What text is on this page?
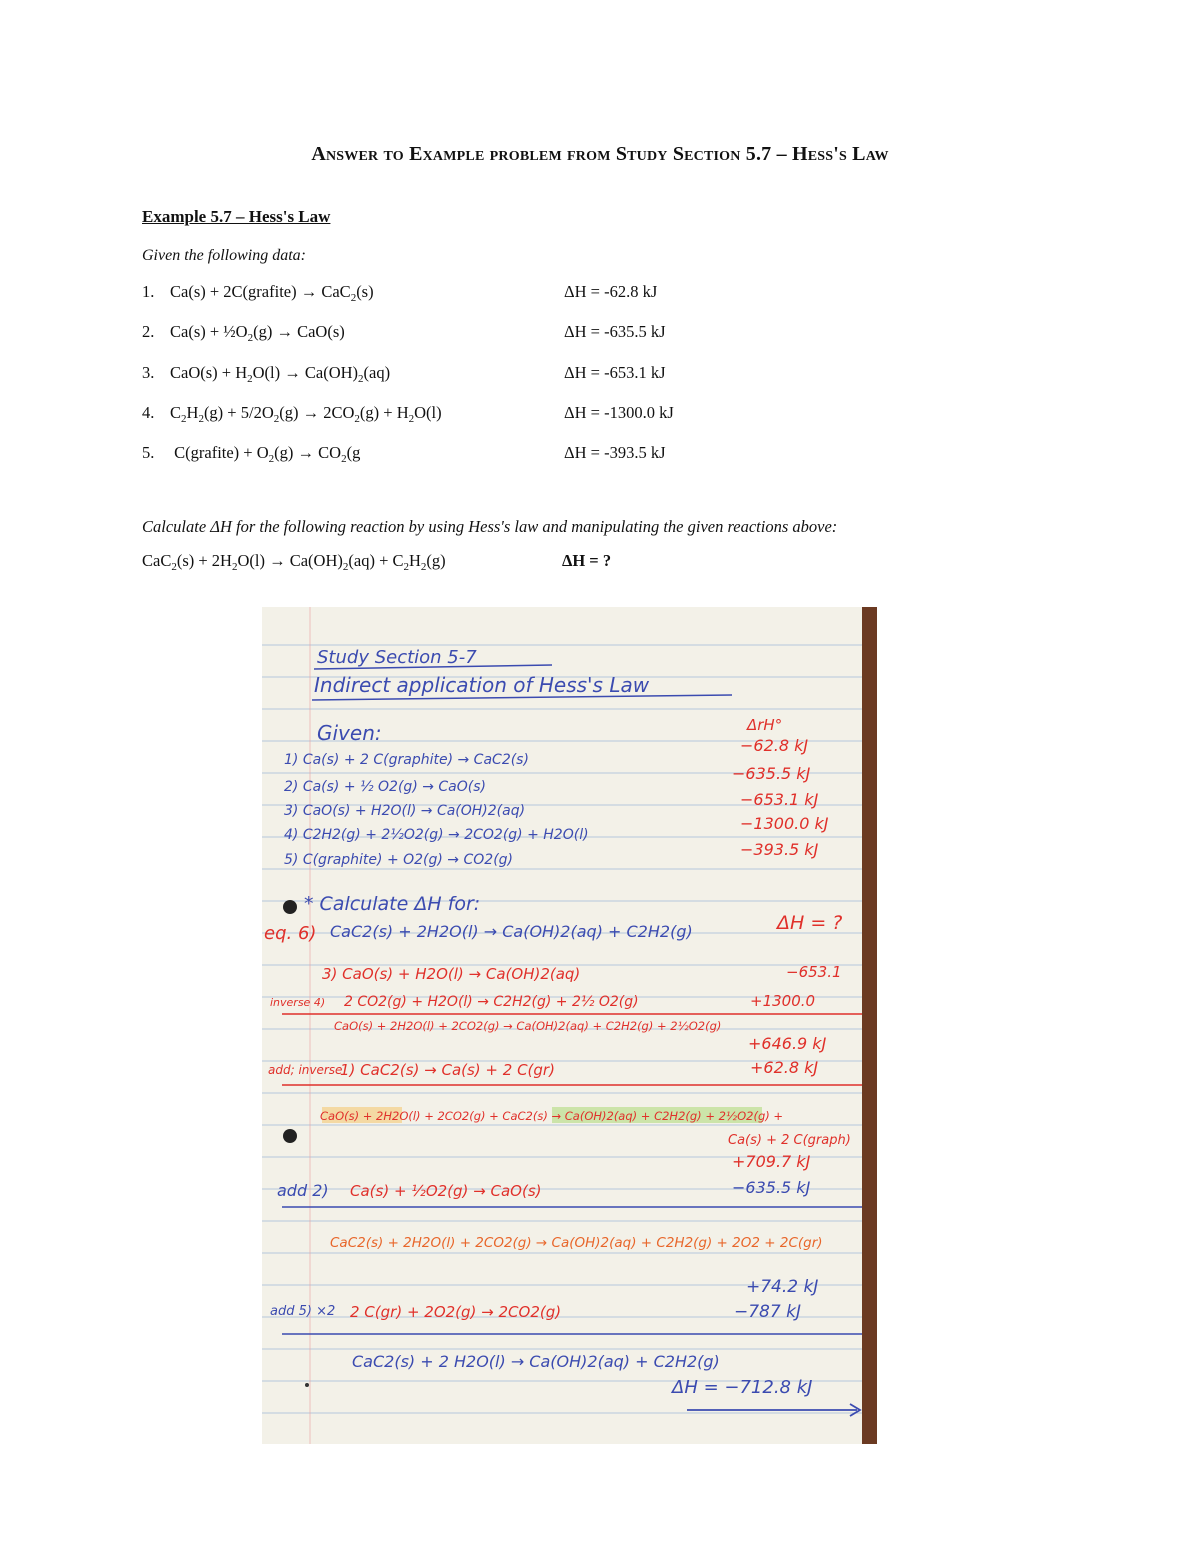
Answer to Example problem from Study Section 5.7 – Hess's Law
Example 5.7 – Hess's Law
Given the following data:
1. Ca(s) + 2C(grafite) → CaC$_2$(s)	ΔH = -62.8 kJ
2. $Ca(s) + \frac{1}{2}O_2(g) \to CaO(s)$	ΔH = -635.5 kJ
3. $CaO(s) + H_2O(l) \to Ca(OH)_2(aq)$	ΔH = -653.1 kJ
4. $C_2H_2(g) + 5/2O_2(g) \to 2CO_2(g) + H_2O(l)$	ΔH = -1300.0 kJ
5. C(grafite) + $O_2(g) \to CO_2(g$	ΔH = -393.5 kJ
Calculate ΔH for the following reaction by using Hess's law and manipulating the given reactions above:
$CaC_2(s) + 2H_2O(l) \to Ca(OH)_2(aq) + C_2H_2(g)$	ΔH = ?
Study Section 5-7
Indirect application of Hess's Law
Given:	ΔrH°
1) Ca(s) + 2 C(graphite) → CaC2(s)
−62.8 kJ
2) Ca(s) + ½ O2(g) → CaO(s)
−635.5 kJ
3) CaO(s) + H2O(l) → Ca(OH)2(aq)
−653.1 kJ
4) C2H2(g) + 2½O2(g) → 2CO2(g) + H2O(l)
−1300.0 kJ
5) C(graphite) + O2(g) → CO2(g)
−393.5 kJ
* Calculate ΔH for:
eq. 6) CaC2(s) + 2H2O(l) → Ca(OH)2(aq) + C2H2(g)	ΔH = ?
3) CaO(s) + H2O(l) → Ca(OH)2(aq)	−653.1
inverse 4) 2 CO2(g) + H2O(l) → C2H2(g) + 2½ O2(g)	+1300.0
CaO(s) + 2H2O(l) + 2CO2(g) → Ca(OH)2(aq) + C2H2(g) + 2½O2(g)
+646.9 kJ
add; inverse
1) CaC2(s) → Ca(s) + 2 C(gr)	+62.8 kJ
CaO(s) + 2H2O(l) + 2CO2(g) + CaC2(s) → Ca(OH)2(aq) + C2H2(g) + 2½O2(g) +
Ca(s) + 2 C(graph)
+709.7 kJ
add 2) Ca(s) + ½O2(g) → CaO(s)	−635.5 kJ
CaC2(s) + 2H2O(l) + 2CO2(g) → Ca(OH)2(aq) + C2H2(g) + 2O2 + 2C(gr)
+74.2 kJ
add 5) ×2 2 C(gr) + 2O2(g) → 2CO2(g)	−787 kJ
CaC2(s) + 2 H2O(l) → Ca(OH)2(aq) + C2H2(g)
ΔH = −712.8 kJ
